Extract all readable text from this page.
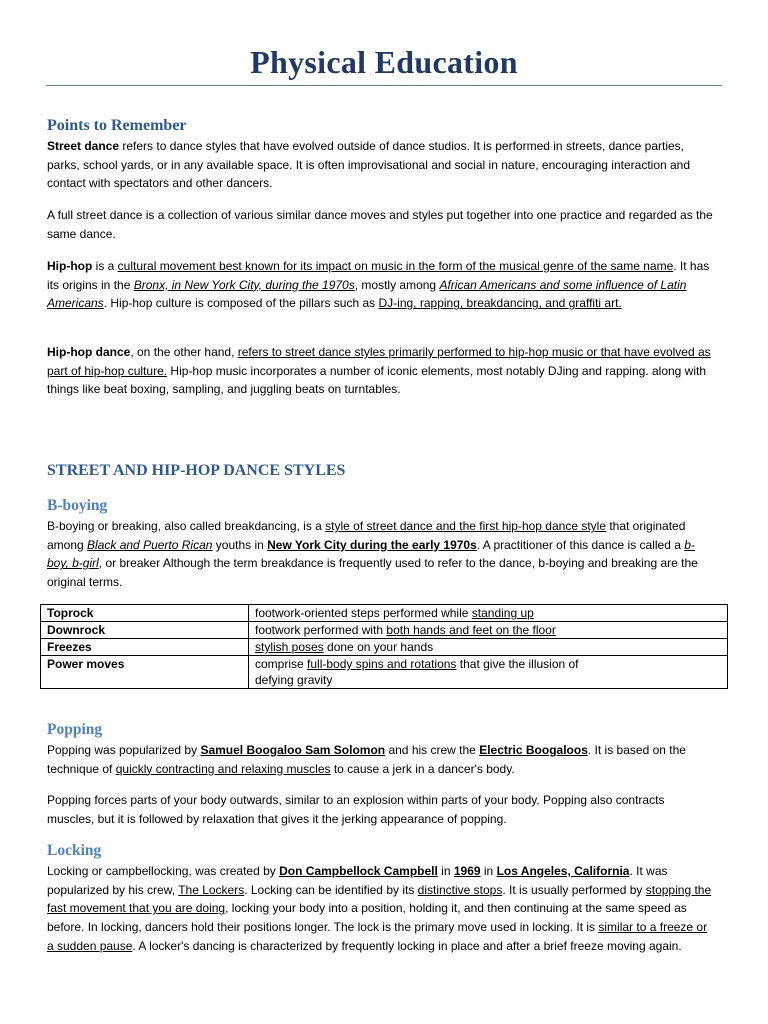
Physical Education
Points to Remember

Street dance refers to dance styles that have evolved outside of dance studios. It is performed in streets, dance parties, parks, school yards, or in any available space. It is often improvisational and social in nature, encouraging interaction and contact with spectators and other dancers.

A full street dance is a collection of various similar dance moves and styles put together into one practice and regarded as the same dance.

Hip-hop is a cultural movement best known for its impact on music in the form of the musical genre of the same name. It has its origins in the Bronx, in New York City, during the 1970s, mostly among African Americans and some influence of Latin Americans. Hip-hop culture is composed of the pillars such as DJ-ing, rapping, breakdancing, and graffiti art.

Hip-hop dance, on the other hand, refers to street dance styles primarily performed to hip-hop music or that have evolved as part of hip-hop culture. Hip-hop music incorporates a number of iconic elements, most notably DJing and rapping. along with things like beat boxing, sampling, and juggling beats on turntables.

STREET AND HIP-HOP DANCE STYLES
B-boying

B-boying or breaking, also called breakdancing, is a style of street dance and the first hip-hop dance style that originated among Black and Puerto Rican youths in New York City during the early 1970s. A practitioner of this dance is called a b-boy, b-girl, or breaker Although the term breakdance is frequently used to refer to the dance, b-boying and breaking are the original terms.

Toprock	footwork-oriented steps performed while standing up
Downrock	footwork performed with both hands and feet on the floor
Freezes	stylish poses done on your hands
Power moves	comprise full-body spins and rotations that give the illusion of defying gravity
Popping

Popping was popularized by Samuel Boogaloo Sam Solomon and his crew the Electric Boogaloos. It is based on the technique of quickly contracting and relaxing muscles to cause a jerk in a dancer's body.

Popping forces parts of your body outwards, similar to an explosion within parts of your body. Popping also contracts muscles, but it is followed by relaxation that gives it the jerking appearance of popping.

Locking

Locking or campbellocking, was created by Don Campbellock Campbell in 1969 in Los Angeles, California. It was popularized by his crew, The Lockers. Locking can be identified by its distinctive stops. It is usually performed by stopping the fast movement that you are doing, locking your body into a position, holding it, and then continuing at the same speed as before. In locking, dancers hold their positions longer. The lock is the primary move used in locking. It is similar to a freeze or a sudden pause. A locker's dancing is characterized by frequently locking in place and after a brief freeze moving again.
